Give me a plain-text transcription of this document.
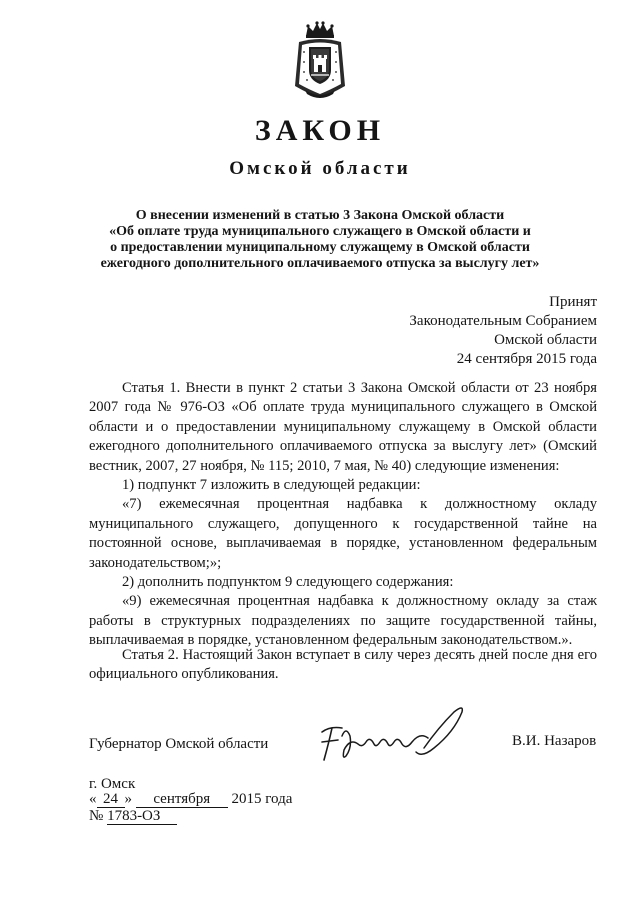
ЗАКОН
Омской области
О внесении изменений в статью 3 Закона Омской области
«Об оплате труда муниципального служащего в Омской области и
о предоставлении муниципальному служащему в Омской области
ежегодного дополнительного оплачиваемого отпуска за выслугу лет»
Принят
Законодательным Собранием
Омской области
24 сентября 2015 года

Статья 1. Внести в пункт 2 статьи 3 Закона Омской области от 23 ноября 2007 года № 976-ОЗ «Об оплате труда муниципального служащего в Омской области и о предоставлении муниципальному служащему в Омской области ежегодного дополнительного оплачиваемого отпуска за выслугу лет» (Омский вестник, 2007, 27 ноября, № 115; 2010, 7 мая, № 40) следующие изменения:

1) подпункт 7 изложить в следующей редакции:

«7) ежемесячная процентная надбавка к должностному окладу муниципального служащего, допущенного к государственной тайне на постоянной основе, выплачиваемая в порядке, установленном федеральным законодательством;»;

2) дополнить подпунктом 9 следующего содержания:

«9) ежемесячная процентная надбавка к должностному окладу за стаж работы в структурных подразделениях по защите государственной тайны, выплачиваемая в порядке, установленном федеральным законодательством.».

Статья 2. Настоящий Закон вступает в силу через десять дней после дня его официального опубликования.

Губернатор Омской области	В.И. Назаров
г. Омск
« 24 » сентября 2015 года
№ 1783-ОЗ
